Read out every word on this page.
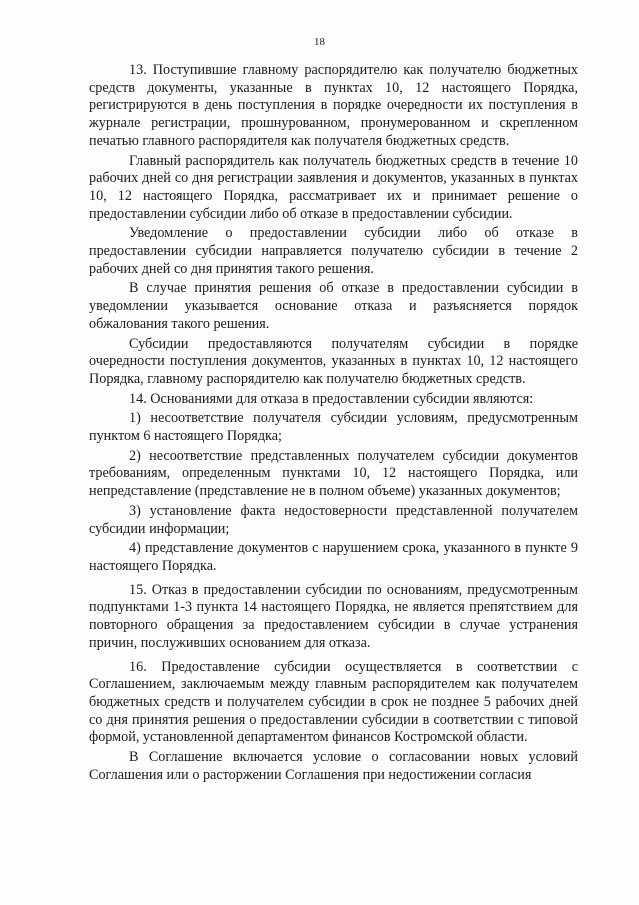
18

13. Поступившие главному распорядителю как получателю бюджетных средств документы, указанные в пунктах 10, 12 настоящего Порядка, регистрируются в день поступления в порядке очередности их поступления в журнале регистрации, прошнурованном, пронумерованном и скрепленном печатью главного распорядителя как получателя бюджетных средств.

Главный распорядитель как получатель бюджетных средств в течение 10 рабочих дней со дня регистрации заявления и документов, указанных в пунктах 10, 12 настоящего Порядка, рассматривает их и принимает решение о предоставлении субсидии либо об отказе в предоставлении субсидии.

Уведомление о предоставлении субсидии либо об отказе в предоставлении субсидии направляется получателю субсидии в течение 2 рабочих дней со дня принятия такого решения.

В случае принятия решения об отказе в предоставлении субсидии в уведомлении указывается основание отказа и разъясняется порядок обжалования такого решения.

Субсидии предоставляются получателям субсидии в порядке очередности поступления документов, указанных в пунктах 10, 12 настоящего Порядка, главному распорядителю как получателю бюджетных средств.

14. Основаниями для отказа в предоставлении субсидии являются:

1) несоответствие получателя субсидии условиям, предусмотренным пунктом 6 настоящего Порядка;

2) несоответствие представленных получателем субсидии документов требованиям, определенным пунктами 10, 12 настоящего Порядка, или непредставление (представление не в полном объеме) указанных документов;

3) установление факта недостоверности представленной получателем субсидии информации;

4) представление документов с нарушением срока, указанного в пункте 9 настоящего Порядка.

15. Отказ в предоставлении субсидии по основаниям, предусмотренным подпунктами 1-3 пункта 14 настоящего Порядка, не является препятствием для повторного обращения за предоставлением субсидии в случае устранения причин, послуживших основанием для отказа.

16. Предоставление субсидии осуществляется в соответствии с Соглашением, заключаемым между главным распорядителем как получателем бюджетных средств и получателем субсидии в срок не позднее 5 рабочих дней со дня принятия решения о предоставлении субсидии в соответствии с типовой формой, установленной департаментом финансов Костромской области.

В Соглашение включается условие о согласовании новых условий Соглашения или о расторжении Соглашения при недостижении согласия
